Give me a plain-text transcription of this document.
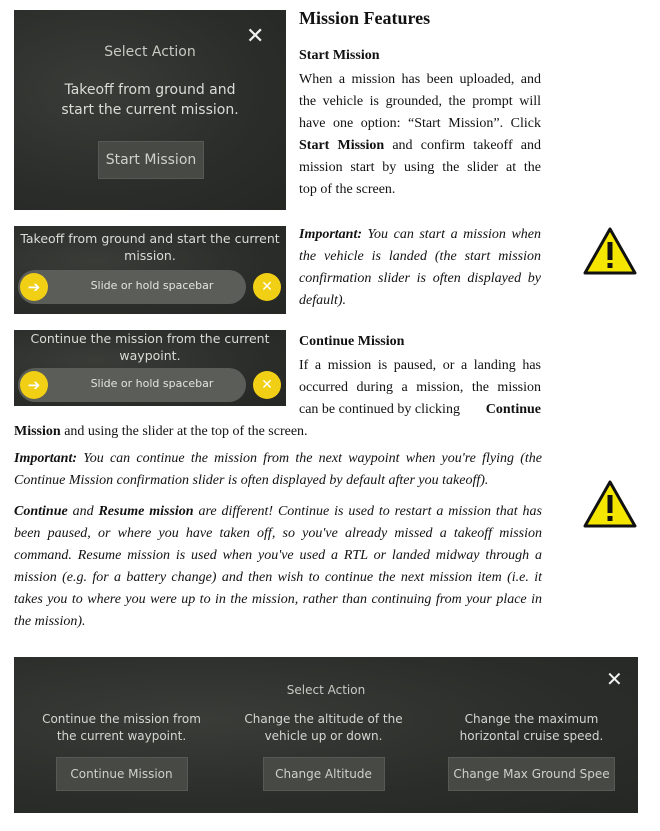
✕
Select Action
Takeoff from ground and
start the current mission.
Start Mission
Mission Features
Start Mission
When a mission has been uploaded, and
the vehicle is grounded, the prompt will
have one option: “Start Mission”. Click
Start Mission and confirm takeoff and
mission start by using the slider at the
top of the screen.
Takeoff from ground and start the current
mission.
Slide or hold spacebar
➔	✕
Important: You can start a mission when
the vehicle is landed (the start mission
confirmation slider is often displayed by
default).
Continue the mission from the current
waypoint.
Slide or hold spacebar
➔	✕
Continue Mission
If a mission is paused, or a landing has
occurred during a mission, the mission
can be continued by clicking Continue
Mission and using the slider at the top of the screen.
Important: You can continue the mission from the next waypoint when you're flying (the
Continue Mission confirmation slider is often displayed by default after you takeoff).
Continue and Resume mission are different! Continue is used to restart a mission that has
been paused, or where you have taken off, so you've already missed a takeoff mission
command. Resume mission is used when you've used a RTL or landed midway through a
mission (e.g. for a battery change) and then wish to continue the next mission item (i.e. it
takes you to where you were up to in the mission, rather than continuing from your place in
the mission).
✕
Select Action
Continue the mission from
the current waypoint.
Continue Mission
Change the altitude of the
vehicle up or down.
Change Altitude
Change the maximum
horizontal cruise speed.
Change Max Ground Spee
